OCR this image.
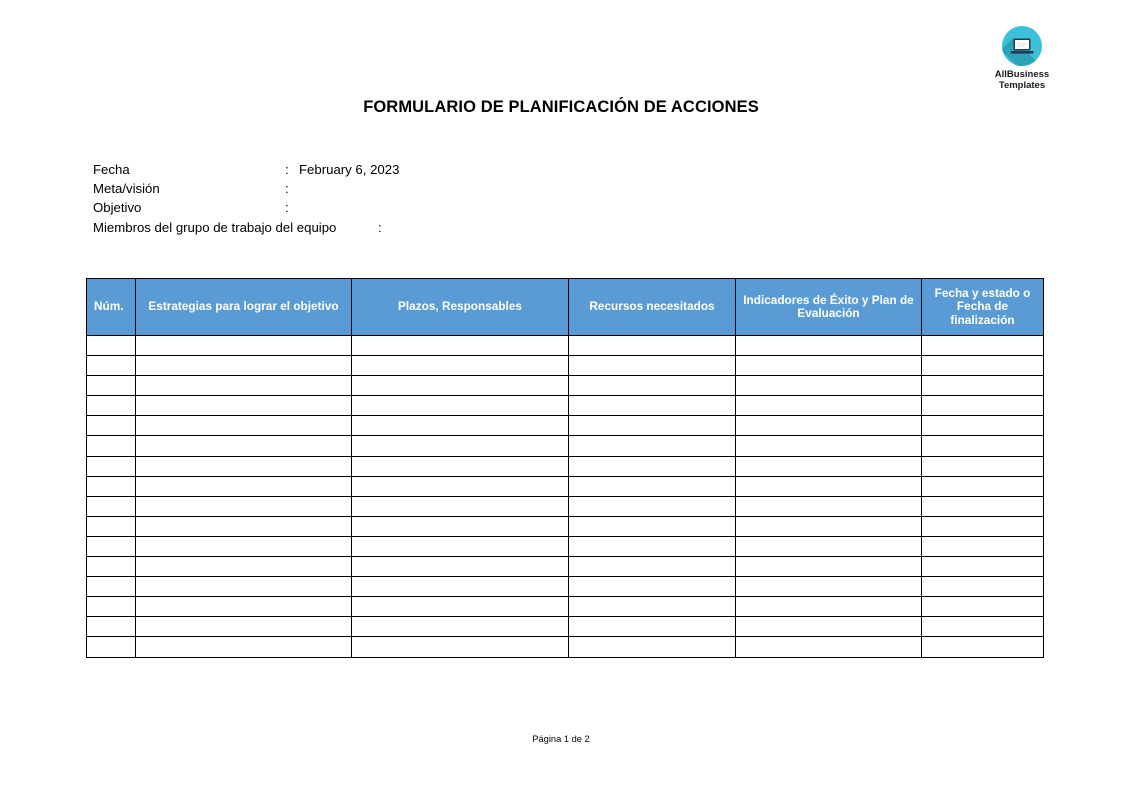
AllBusiness
Templates
FORMULARIO DE PLANIFICACIÓN DE ACCIONES
Fecha	: February 6, 2023
Meta/visión	:
Objetivo	:
Miembros del grupo de trabajo del equipo	:
Núm.	Estrategias para lograr el objetivo	Plazos, Responsables	Recursos necesitados	Indicadores de Éxito y Plan de Evaluación	Fecha y estado o Fecha de finalización

Página 1 de 2
